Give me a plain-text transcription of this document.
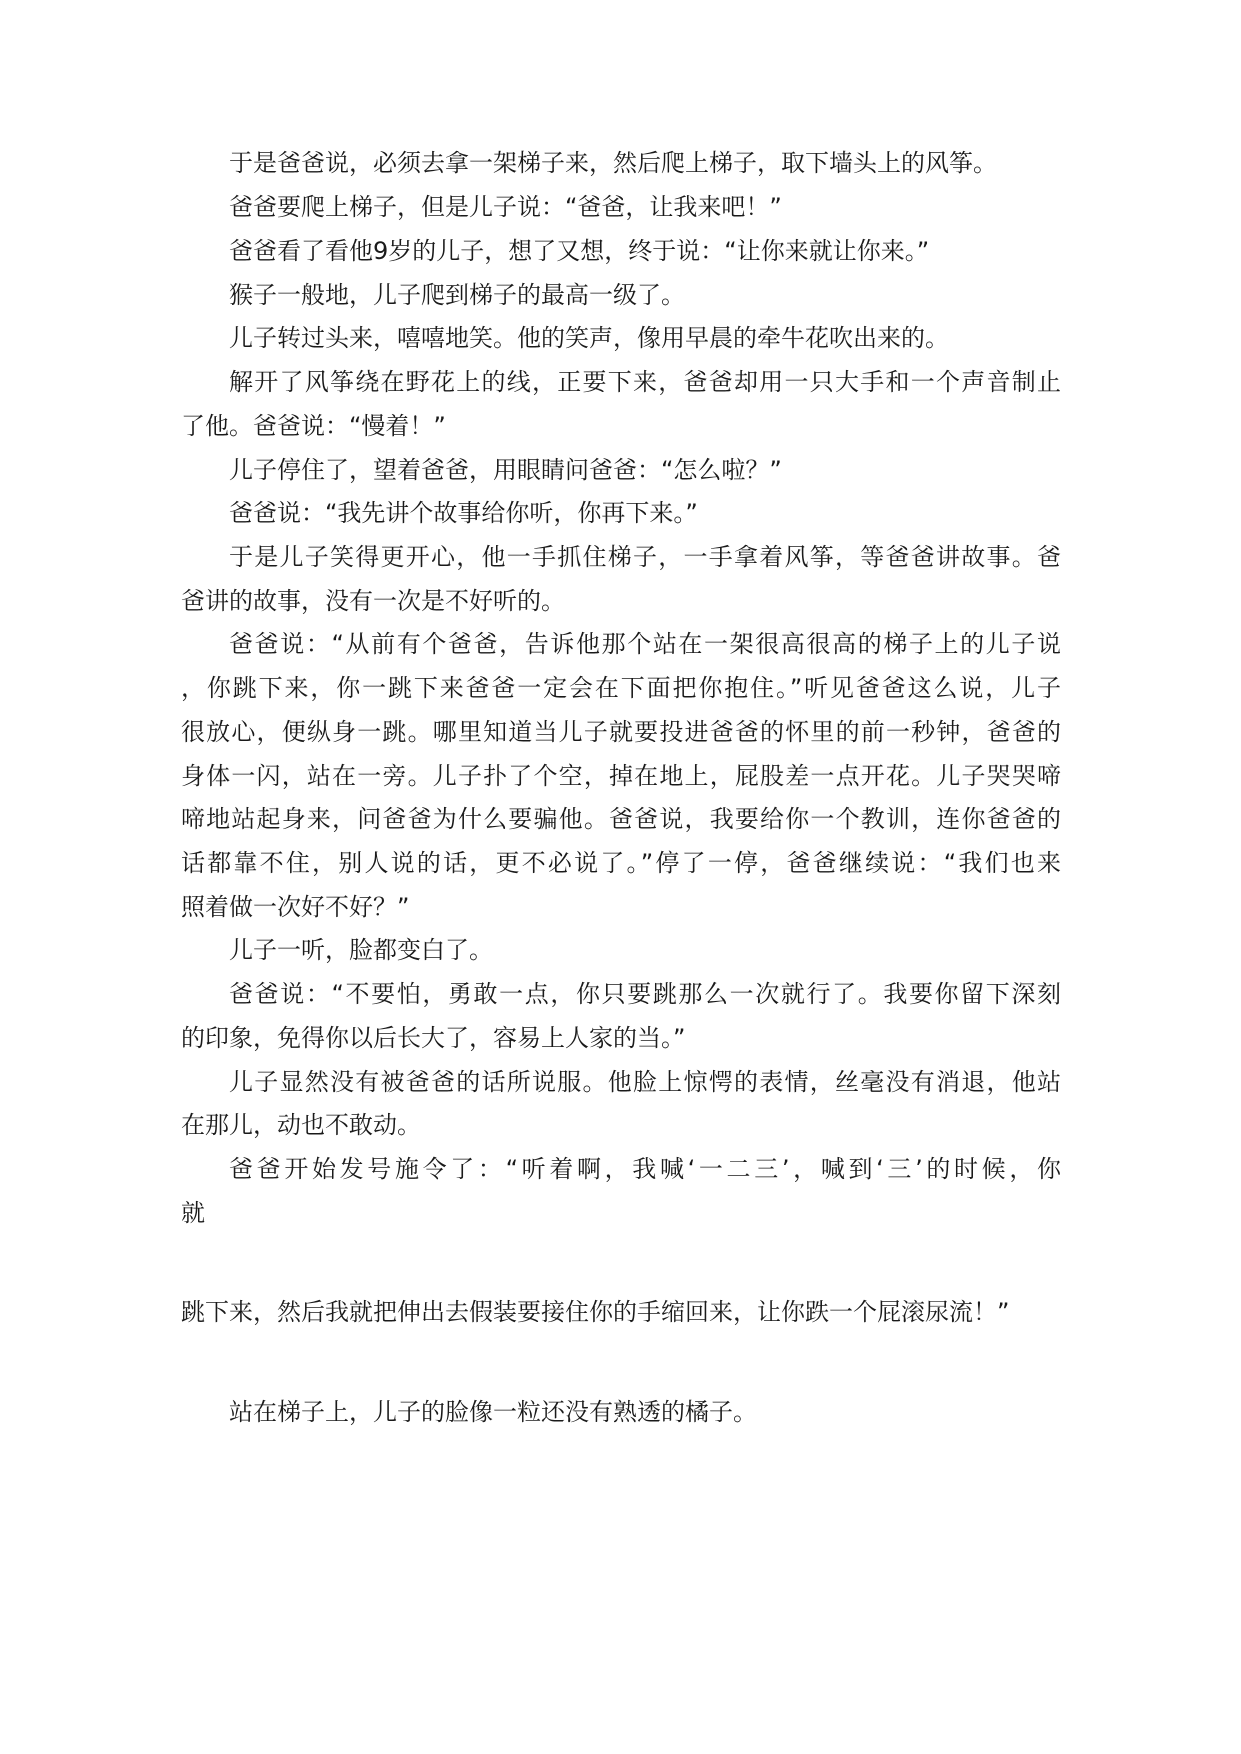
于是爸爸说，必须去拿一架梯子来，然后爬上梯子，取下墙头上的风筝。
爸爸要爬上梯子，但是儿子说：“爸爸，让我来吧！”
爸爸看了看他9岁的儿子，想了又想，终于说：“让你来就让你来。”
猴子一般地，儿子爬到梯子的最高一级了。
儿子转过头来，嘻嘻地笑。他的笑声，像用早晨的牵牛花吹出来的。
解开了风筝绕在野花上的线，正要下来，爸爸却用一只大手和一个声音制止
了他。爸爸说：“慢着！”
儿子停住了，望着爸爸，用眼睛问爸爸：“怎么啦？”
爸爸说：“我先讲个故事给你听，你再下来。”
于是儿子笑得更开心，他一手抓住梯子，一手拿着风筝，等爸爸讲故事。爸
爸讲的故事，没有一次是不好听的。
爸爸说：“从前有个爸爸，告诉他那个站在一架很高很高的梯子上的儿子说
，你跳下来，你一跳下来爸爸一定会在下面把你抱住。”听见爸爸这么说，儿子
很放心，便纵身一跳。哪里知道当儿子就要投进爸爸的怀里的前一秒钟，爸爸的
身体一闪，站在一旁。儿子扑了个空，掉在地上，屁股差一点开花。儿子哭哭啼
啼地站起身来，问爸爸为什么要骗他。爸爸说，我要给你一个教训，连你爸爸的
话都靠不住，别人说的话，更不必说了。”停了一停，爸爸继续说：“我们也来
照着做一次好不好？”
儿子一听，脸都变白了。
爸爸说：“不要怕，勇敢一点，你只要跳那么一次就行了。我要你留下深刻
的印象，免得你以后长大了，容易上人家的当。”
儿子显然没有被爸爸的话所说服。他脸上惊愕的表情，丝毫没有消退，他站
在那儿，动也不敢动。
爸爸开始发号施令了：“听着啊，我喊‘一二三’，喊到‘三’的时候，你
就
跳下来，然后我就把伸出去假装要接住你的手缩回来，让你跌一个屁滚尿流！”
站在梯子上，儿子的脸像一粒还没有熟透的橘子。
